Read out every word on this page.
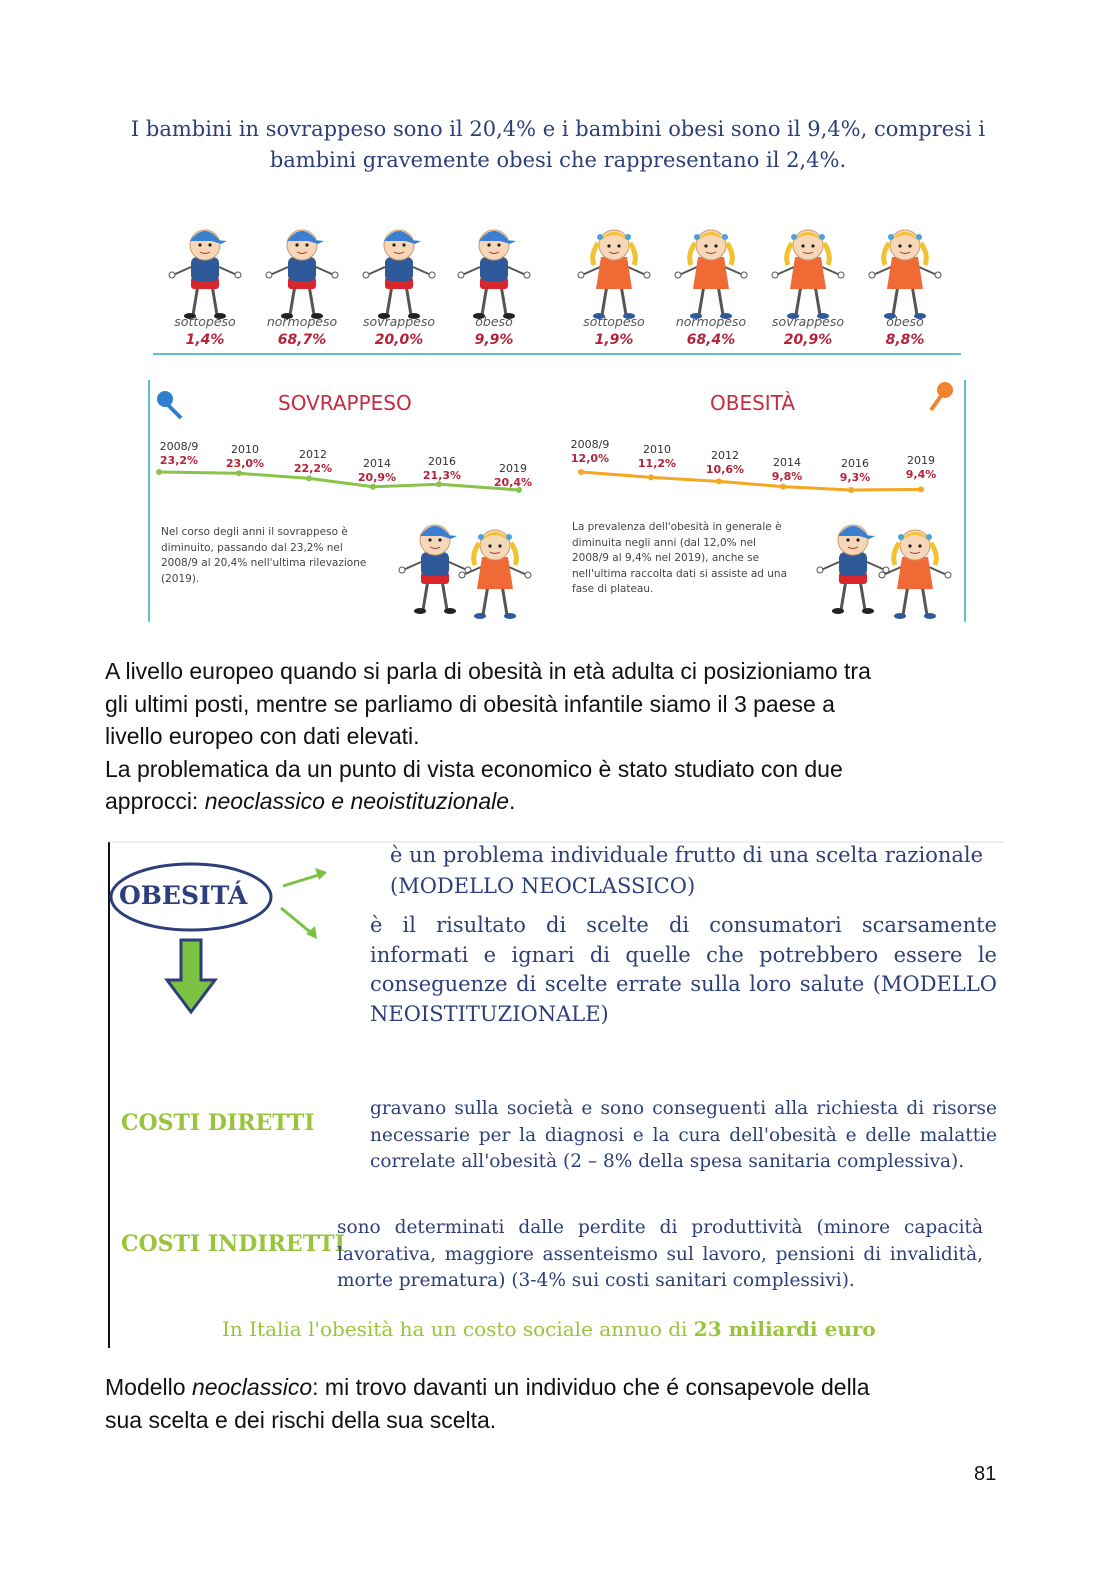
I bambini in sovrappeso sono il 20,4% e i bambini obesi sono il 9,4%, compresi i
bambini gravemente obesi che rappresentano il 2,4%.
sottopeso
1,4%
normopeso
68,7%
sovrappeso
20,0%
obeso
9,9%
sottopeso
1,9%
normopeso
68,4%
sovrappeso
20,9%
obeso
8,8%
SOVRAPPESO	OBESITÀ
2008/9
23,2%
2010
23,0%
2012
22,2%	2014
20,9%
2016
21,3%
2019
20,4%
2008/9
12,0%
2010
11,2%
2012
10,6%
2014
9,8%
2016
9,3%
2019
9,4%
Nel corso degli anni il sovrappeso è
diminuito, passando dal 23,2% nel
2008/9 al 20,4% nell'ultima rilevazione
(2019).
La prevalenza dell'obesità in generale è
diminuita negli anni (dal 12,0% nel
2008/9 al 9,4% nel 2019), anche se
nell'ultima raccolta dati si assiste ad una
fase di plateau.
A livello europeo quando si parla di obesità in età adulta ci posizioniamo tra
gli ultimi posti, mentre se parliamo di obesità infantile siamo il 3 paese a
livello europeo con dati elevati.
La problematica da un punto di vista economico è stato studiato con due
approcci: neoclassico e neoistituzionale.
OBESITÁ
è un problema individuale frutto di una scelta razionale
(MODELLO NEOCLASSICO)
è il risultato di scelte di consumatori scarsamente
informati e ignari di quelle che potrebbero essere le
conseguenze di scelte errate sulla loro salute (MODELLO
NEOISTITUZIONALE)
COSTI DIRETTI
gravano sulla società e sono conseguenti alla richiesta di risorse
necessarie per la diagnosi e la cura dell'obesità e delle malattie
correlate all'obesità (2 – 8% della spesa sanitaria complessiva).
COSTI INDIRETTI
sono determinati dalle perdite di produttività (minore capacità
lavorativa, maggiore assenteismo sul lavoro, pensioni di invalidità,
morte prematura) (3-4% sui costi sanitari complessivi).
In Italia l'obesità ha un costo sociale annuo di 23 miliardi euro
Modello neoclassico: mi trovo davanti un individuo che é consapevole della
sua scelta e dei rischi della sua scelta.
81
